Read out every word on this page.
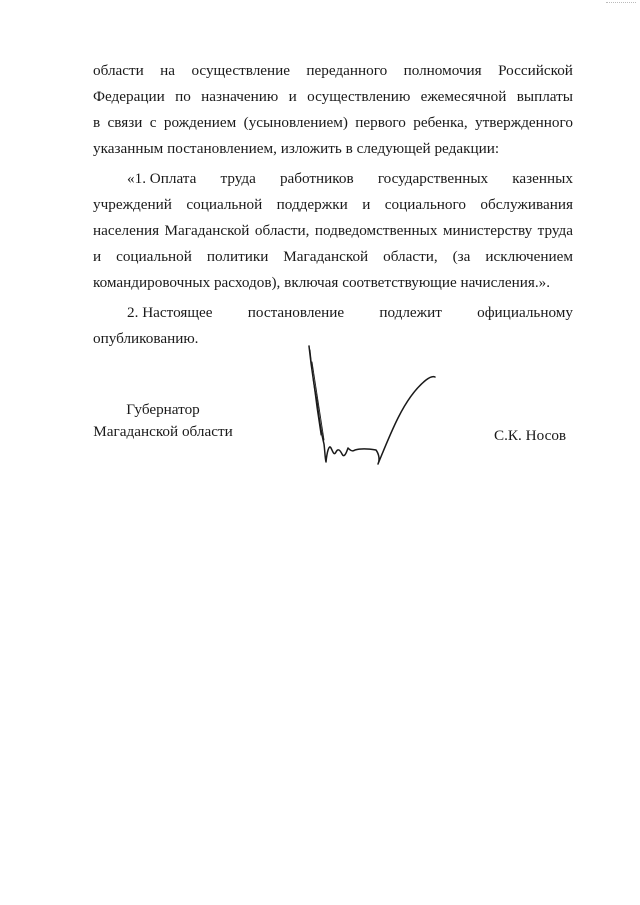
области на осуществление переданного полномочия Российской
Федерации по назначению и осуществлению ежемесячной выплаты
в связи с рождением (усыновлением) первого ребенка, утвержденного
указанным постановлением, изложить в следующей редакции:
«1. Оплата труда работников государственных казенных
учреждений социальной поддержки и социального обслуживания
населения Магаданской области, подведомственных министерству труда
и социальной политики Магаданской области, (за исключением
командировочных расходов), включая соответствующие начисления.».
2. Настоящее постановление подлежит официальному
опубликованию.
Губернатор
Магаданской области	С.К. Носов
